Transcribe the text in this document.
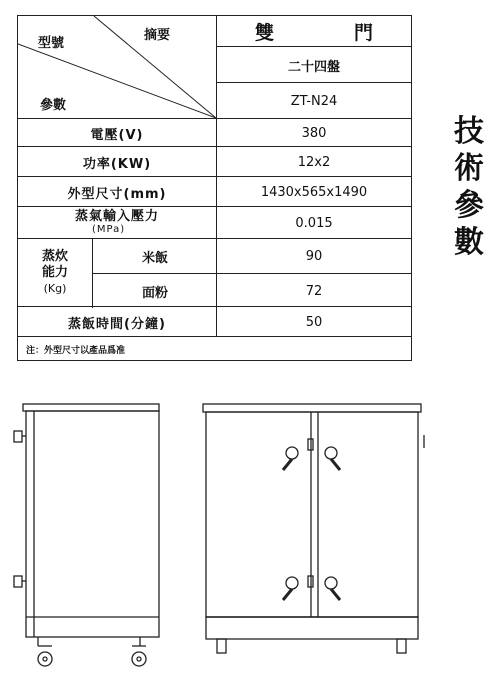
型號
摘要
參數
雙	門
二十四盤
ZT-N24
電壓(V)	380
功率(KW)	12x2
外型尺寸(mm)	1430x565x1490
蒸氣輸入壓力
(MPa)	0.015
蒸炊
能力
(Kg)
米飯	90
面粉	72
蒸飯時間(分鐘)	50
注：外型尺寸以產品爲准
技
術
參
數
